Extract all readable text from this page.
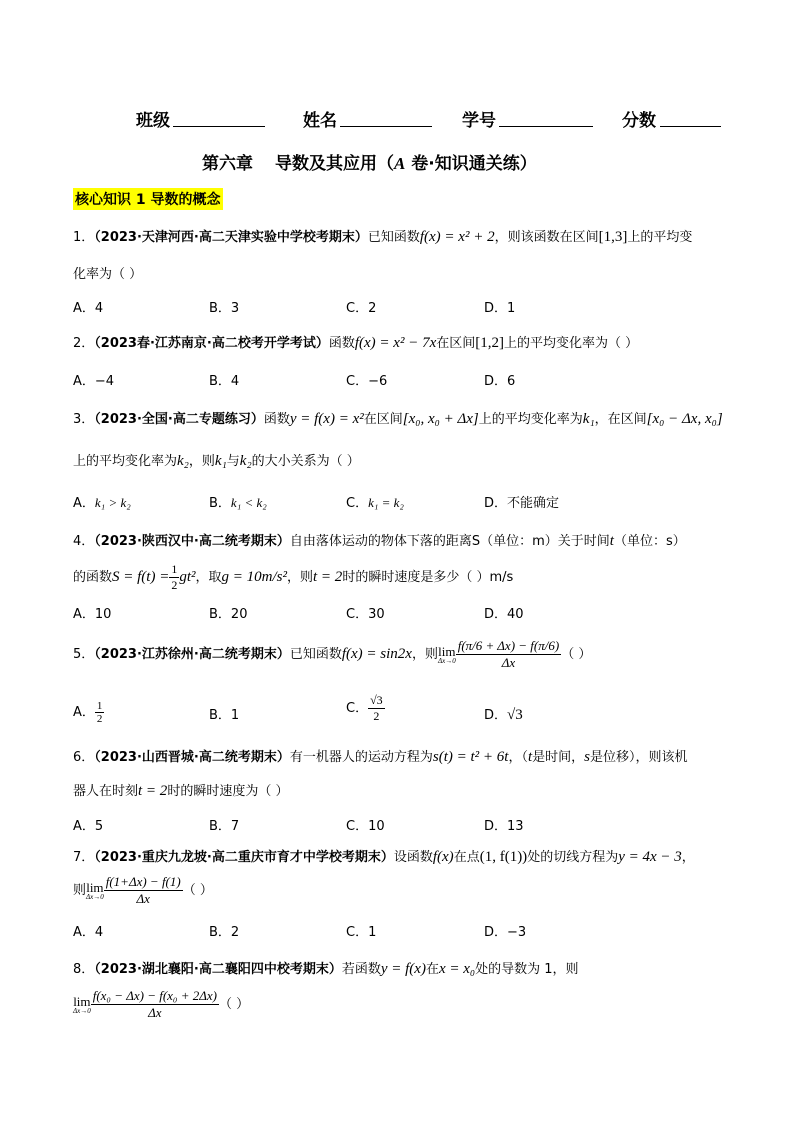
班级	姓名	学号	分数
第六章 导数及其应用（A 卷·知识通关练）
核心知识 1 导数的概念
1．（2023·天津河西·高二天津实验中学校考期末）已知函数f(x) = x² + 2，则该函数在区间[1,3]上的平均变
化率为（ ）
A．4	B．3	C．2	D．1
2．（2023春·江苏南京·高二校考开学考试）函数f(x) = x² − 7x在区间[1,2]上的平均变化率为（ ）
A．−4	B．4	C．−6	D．6
3．（2023·全国·高二专题练习）函数y = f(x) = x²在区间[x₀, x₀ + Δx]上的平均变化率为k₁，在区间[x₀ − Δx, x₀]
上的平均变化率为k₂，则k₁与k₂的大小关系为（ ）
A．k₁ > k₂	B．k₁ < k₂	C．k₁ = k₂	D．不能确定
4．（2023·陕西汉中·高二统考期末）自由落体运动的物体下落的距离S（单位：m）关于时间t（单位：s）
的函数$S = f(t) = \frac{1}{2} gt^2$，取g = 10m/s²，则t = 2时的瞬时速度是多少（ ）m/s
A．10	B．20	C．30	D．40
5．（2023·江苏徐州·高二统考期末）已知函数f(x) = sin2x，则lim
$\Delta x\to 0 \frac{f(\pi/6 + \Delta x) - f(\pi/6)}{\Delta x}$ （ ）
A． $\frac{1}{2}$	B．1	C． $\frac{√3}{2}$	D．√3
6．（2023·山西晋城·高二统考期末）有一机器人的运动方程为s(t) = t² + 6t，（t是时间，s是位移），则该机
器人在时刻t = 2时的瞬时速度为（ ）
A．5	B．7	C．10	D．13
7．（2023·重庆九龙坡·高二重庆市育才中学校考期末）设函数f(x)在点(1, f(1))处的切线方程为y = 4x − 3，
则lim
$\Delta x\to 0 \frac{f(1+\Delta x) - f(1)}{\Delta x}$ （ ）
A．4	B．2	C．1	D．−3
8．（2023·湖北襄阳·高二襄阳四中校考期末）若函数y = f(x)在x = x₀处的导数为 1，则
lim
$\Delta x\to 0 \frac{\text{f(x₀ − Δx) − f(x₀ + 2Δx)}}{\Delta x}$ （ ）
